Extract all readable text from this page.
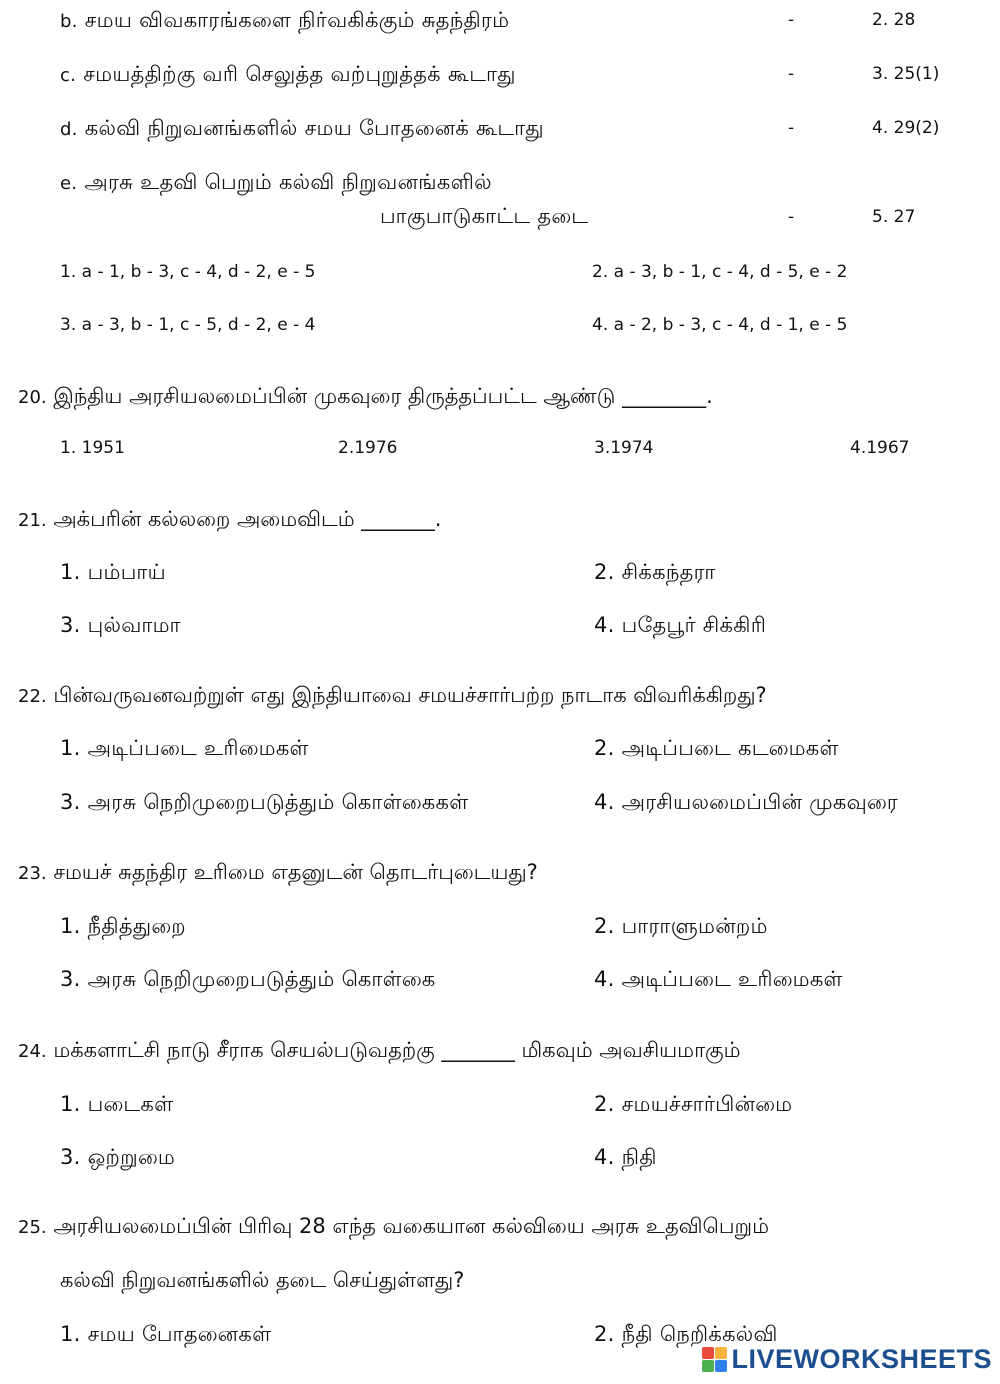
b. சமய விவகாரங்களை நிர்வகிக்கும் சுதந்திரம்	-	2. 28
c. சமயத்திற்கு வரி செலுத்த வற்புறுத்தக் கூடாது	-	3. 25(1)
d. கல்வி நிறுவனங்களில் சமய போதனைக் கூடாது	-	4. 29(2)
e. அரசு உதவி பெறும் கல்வி நிறுவனங்களில்
பாகுபாடுகாட்ட தடை	-	5. 27
1. a - 1, b - 3, c - 4, d - 2, e - 5	2. a - 3, b - 1, c - 4, d - 5, e - 2
3. a - 3, b - 1, c - 5, d - 2, e - 4	4. a - 2, b - 3, c - 4, d - 1, e - 5
20. இந்திய அரசியலமைப்பின் முகவுரை திருத்தப்பட்ட ஆண்டு ________.
1. 1951	2.1976	3.1974	4.1967
21. அக்பரின் கல்லறை அமைவிடம் _______.
1. பம்பாய்	2. சிக்கந்தரா
3. புல்வாமா	4. பதேபூர் சிக்கிரி
22. பின்வருவனவற்றுள் எது இந்தியாவை சமயச்சார்பற்ற நாடாக விவரிக்கிறது?
1. அடிப்படை உரிமைகள்	2. அடிப்படை கடமைகள்
3. அரசு நெறிமுறைபடுத்தும் கொள்கைகள்	4. அரசியலமைப்பின் முகவுரை
23. சமயச் சுதந்திர உரிமை எதனுடன் தொடர்புடையது?
1. நீதித்துறை	2. பாராளுமன்றம்
3. அரசு நெறிமுறைபடுத்தும் கொள்கை	4. அடிப்படை உரிமைகள்
24. மக்களாட்சி நாடு சீராக செயல்படுவதற்கு _______ மிகவும் அவசியமாகும்
1. படைகள்	2. சமயச்சார்பின்மை
3. ஒற்றுமை	4. நிதி
25. அரசியலமைப்பின் பிரிவு 28 எந்த வகையான கல்வியை அரசு உதவிபெறும்
கல்வி நிறுவனங்களில் தடை செய்துள்ளது?
1. சமய போதனைகள்	2. நீதி நெறிக்கல்வி
LIVEWORKSHEETS
